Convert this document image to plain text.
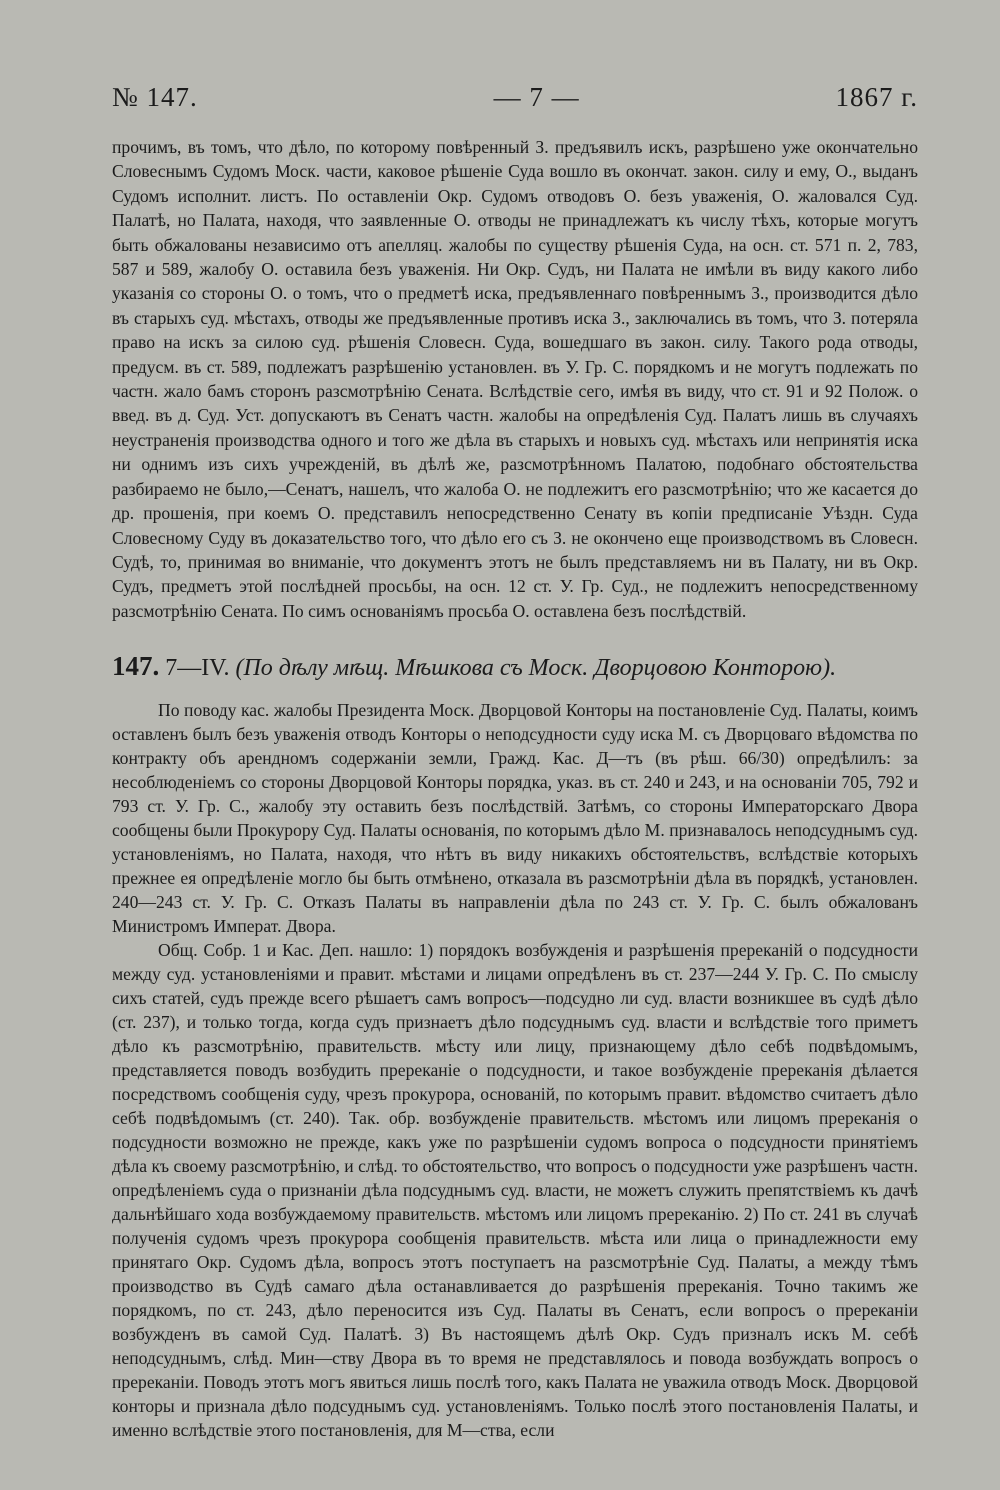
№ 147.	— 7 —	1867 г.

прочимъ, въ томъ, что дѣло, по которому повѣренный З. предъявилъ искъ, разрѣшено уже окончательно Словеснымъ Судомъ Моск. части, каковое рѣшеніе Суда вошло въ окончат. закон. силу и ему, О., выданъ Судомъ исполнит. листъ. По оставленіи Окр. Судомъ отводовъ О. безъ уваженія, О. жаловался Суд. Палатѣ, но Палата, находя, что заявленные О. отводы не принадлежатъ къ числу тѣхъ, которые могутъ быть обжалованы независимо отъ апелляц. жалобы по существу рѣшенія Суда, на осн. ст. 571 п. 2, 783, 587 и 589, жалобу О. оставила безъ уваженія. Ни Окр. Судъ, ни Палата не имѣли въ виду какого либо указанія со стороны О. о томъ, что о предметѣ иска, предъявленнаго повѣреннымъ З., производится дѣло въ старыхъ суд. мѣстахъ, отводы же предъявленные противъ иска З., заключались въ томъ, что З. потеряла право на искъ за силою суд. рѣшенія Словесн. Суда, вошедшаго въ закон. силу. Такого рода отводы, предусм. въ ст. 589, подлежатъ разрѣшенію установлен. въ У. Гр. С. порядкомъ и не могутъ подлежать по частн. жало бамъ сторонъ разсмотрѣнію Сената. Вслѣдствіе сего, имѣя въ виду, что ст. 91 и 92 Полож. о введ. въ д. Суд. Уст. допускаютъ въ Сенатъ частн. жалобы на опредѣленія Суд. Палатъ лишь въ случаяхъ неустраненія производства одного и того же дѣла въ старыхъ и новыхъ суд. мѣстахъ или непринятія иска ни однимъ изъ сихъ учрежденій, въ дѣлѣ же, разсмотрѣнномъ Палатою, подобнаго обстоятельства разбираемо не было,—Сенатъ, нашелъ, что жалоба О. не подлежитъ его разсмотрѣнію; что же касается до др. прошенія, при коемъ О. представилъ непосредственно Сенату въ копіи предписаніе Уѣздн. Суда Словесному Суду въ доказательство того, что дѣло его съ З. не окончено еще производствомъ въ Словесн. Судѣ, то, принимая во вниманіе, что документъ этотъ не былъ представляемъ ни въ Палату, ни въ Окр. Судъ, предметъ этой послѣдней просьбы, на осн. 12 ст. У. Гр. Суд., не подлежитъ непосредственному разсмотрѣнію Сената. По симъ основаніямъ просьба О. оставлена безъ послѣдствій.

147. 7—IV. (По дѣлу мѣщ. Мѣшкова съ Моск. Дворцовою Конторою).

По поводу кас. жалобы Президента Моск. Дворцовой Конторы на постановленіе Суд. Палаты, коимъ оставленъ былъ безъ уваженія отводъ Конторы о неподсудности суду иска М. съ Дворцоваго вѣдомства по контракту объ арендномъ содержаніи земли, Гражд. Кас. Д—тъ (въ рѣш. 66/30) опредѣлилъ: за несоблюденіемъ со стороны Дворцовой Конторы порядка, указ. въ ст. 240 и 243, и на основаніи 705, 792 и 793 ст. У. Гр. С., жалобу эту оставить безъ послѣдствій. Затѣмъ, со стороны Императорскаго Двора сообщены были Прокурору Суд. Палаты основанія, по которымъ дѣло М. признавалось неподсуднымъ суд. установленіямъ, но Палата, находя, что нѣтъ въ виду никакихъ обстоятельствъ, вслѣдствіе которыхъ прежнее ея опредѣленіе могло бы быть отмѣнено, отказала въ разсмотрѣніи дѣла въ порядкѣ, установлен. 240—243 ст. У. Гр. С. Отказъ Палаты въ направленіи дѣла по 243 ст. У. Гр. С. былъ обжалованъ Министромъ Императ. Двора.

Общ. Собр. 1 и Кас. Деп. нашло: 1) порядокъ возбужденія и разрѣшенія пререканій о подсудности между суд. установленіями и правит. мѣстами и лицами опредѣленъ въ ст. 237—244 У. Гр. С. По смыслу сихъ статей, судъ прежде всего рѣшаетъ самъ вопросъ—подсудно ли суд. власти возникшее въ судѣ дѣло (ст. 237), и только тогда, когда судъ признаетъ дѣло подсуднымъ суд. власти и вслѣдствіе того приметъ дѣло къ разсмотрѣнію, правительств. мѣсту или лицу, признающему дѣло себѣ подвѣдомымъ, представляется поводъ возбудить пререканіе о подсудности, и такое возбужденіе пререканія дѣлается посредствомъ сообщенія суду, чрезъ прокурора, основаній, по которымъ правит. вѣдомство считаетъ дѣло себѣ подвѣдомымъ (ст. 240). Так. обр. возбужденіе правительств. мѣстомъ или лицомъ пререканія о подсудности возможно не прежде, какъ уже по разрѣшеніи судомъ вопроса о подсудности принятіемъ дѣла къ своему разсмотрѣнію, и слѣд. то обстоятельство, что вопросъ о подсудности уже разрѣшенъ частн. опредѣленіемъ суда о признаніи дѣла подсуднымъ суд. власти, не можетъ служить препятствіемъ къ дачѣ дальнѣйшаго хода возбуждаемому правительств. мѣстомъ или лицомъ пререканію. 2) По ст. 241 въ случаѣ полученія судомъ чрезъ прокурора сообщенія правительств. мѣста или лица о принадлежности ему принятаго Окр. Судомъ дѣла, вопросъ этотъ поступаетъ на разсмотрѣніе Суд. Палаты, а между тѣмъ производство въ Судѣ самаго дѣла останавливается до разрѣшенія пререканія. Точно такимъ же порядкомъ, по ст. 243, дѣло переносится изъ Суд. Палаты въ Сенатъ, если вопросъ о пререканіи возбужденъ въ самой Суд. Палатѣ. 3) Въ настоящемъ дѣлѣ Окр. Судъ призналъ искъ М. себѣ неподсуднымъ, слѣд. Мин—ству Двора въ то время не представлялось и повода возбуждать вопросъ о пререканіи. Поводъ этотъ могъ явиться лишь послѣ того, какъ Палата не уважила отводъ Моск. Дворцовой конторы и признала дѣло подсуднымъ суд. установленіямъ. Только послѣ этого постановленія Палаты, и именно вслѣдствіе этого постановленія, для М—ства, если
